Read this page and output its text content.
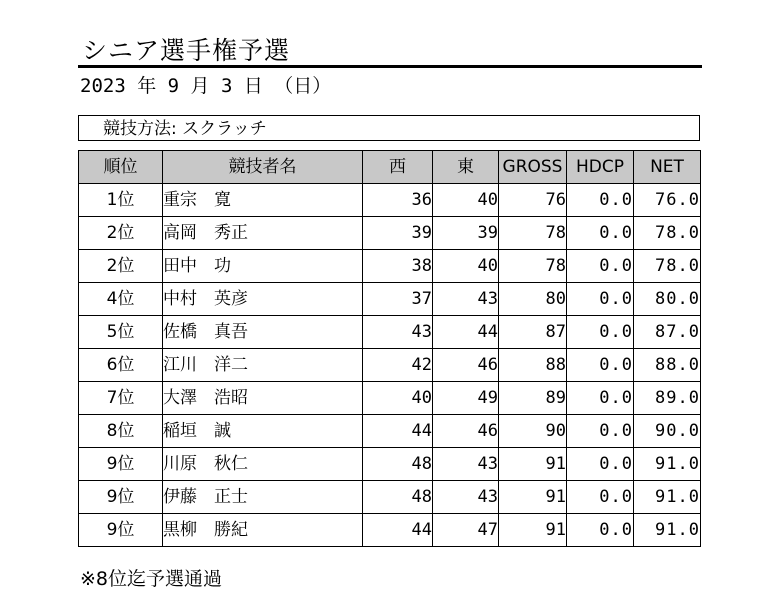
シニア選手権予選
2023 年 9 月 3 日 （日）
競技方法: スクラッチ
順位	競技者名	西	東	GROSS	HDCP	NET
1位	重宗　寛	36	40	76	0.0	76.0
2位	高岡　秀正	39	39	78	0.0	78.0
2位	田中　功	38	40	78	0.0	78.0
4位	中村　英彦	37	43	80	0.0	80.0
5位	佐橋　真吾	43	44	87	0.0	87.0
6位	江川　洋二	42	46	88	0.0	88.0
7位	大澤　浩昭	40	49	89	0.0	89.0
8位	稲垣　誠	44	46	90	0.0	90.0
9位	川原　秋仁	48	43	91	0.0	91.0
9位	伊藤　正士	48	43	91	0.0	91.0
9位	黒柳　勝紀	44	47	91	0.0	91.0
※8位迄予選通過
